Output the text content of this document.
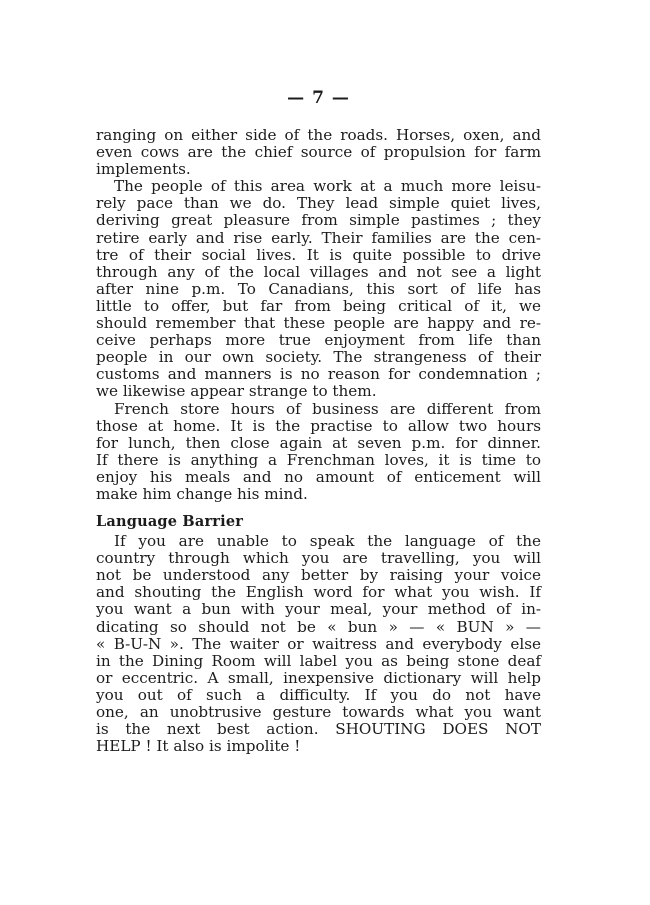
— 7 —
ranging on either side of the roads. Horses, oxen, and
even cows are the chief source of propulsion for farm
implements.
The people of this area work at a much more leisu-
rely pace than we do. They lead simple quiet lives,
deriving great pleasure from simple pastimes ; they
retire early and rise early. Their families are the cen-
tre of their social lives. It is quite possible to drive
through any of the local villages and not see a light
after nine p.m. To Canadians, this sort of life has
little to offer, but far from being critical of it, we
should remember that these people are happy and re-
ceive perhaps more true enjoyment from life than
people in our own society. The strangeness of their
customs and manners is no reason for condemnation ;
we likewise appear strange to them.
French store hours of business are different from
those at home. It is the practise to allow two hours
for lunch, then close again at seven p.m. for dinner.
If there is anything a Frenchman loves, it is time to
enjoy his meals and no amount of enticement will
make him change his mind.
Language Barrier
If you are unable to speak the language of the
country through which you are travelling, you will
not be understood any better by raising your voice
and shouting the English word for what you wish. If
you want a bun with your meal, your method of in-
dicating so should not be « bun » — « BUN » —
« B-U-N ». The waiter or waitress and everybody else
in the Dining Room will label you as being stone deaf
or eccentric. A small, inexpensive dictionary will help
you out of such a difficulty. If you do not have
one, an unobtrusive gesture towards what you want
is the next best action. SHOUTING DOES NOT
HELP ! It also is impolite !
